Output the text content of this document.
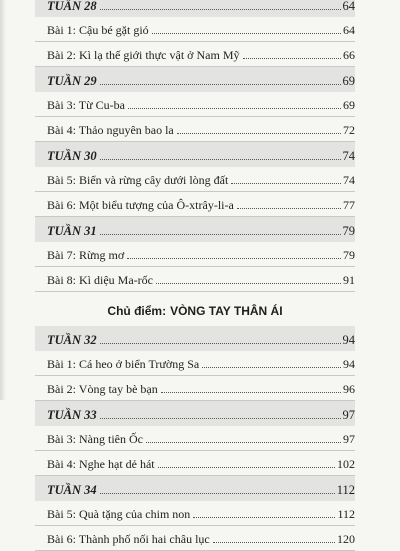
TUẦN 28	64
Bài 1: Cậu bé gặt gió	64
Bài 2: Kì lạ thế giới thực vật ở Nam Mỹ	66
TUẦN 29	69
Bài 3: Từ Cu-ba	69
Bài 4: Thảo nguyên bao la	72
TUẦN 30	74
Bài 5: Biển và rừng cây dưới lòng đất	74
Bài 6: Một biểu tượng của Ô-xtrây-li-a	77
TUẦN 31	79
Bài 7: Rừng mơ	79
Bài 8: Kì diệu Ma-rốc	91
Chủ điểm: VÒNG TAY THÂN ÁI
TUẦN 32	94
Bài 1: Cá heo ở biển Trường Sa	94
Bài 2: Vòng tay bè bạn	96
TUẦN 33	97
Bài 3: Nàng tiên Ốc	97
Bài 4: Nghe hạt dẻ hát	102
TUẦN 34	112
Bài 5: Quà tặng của chim non	112
Bài 6: Thành phố nối hai châu lục	120
